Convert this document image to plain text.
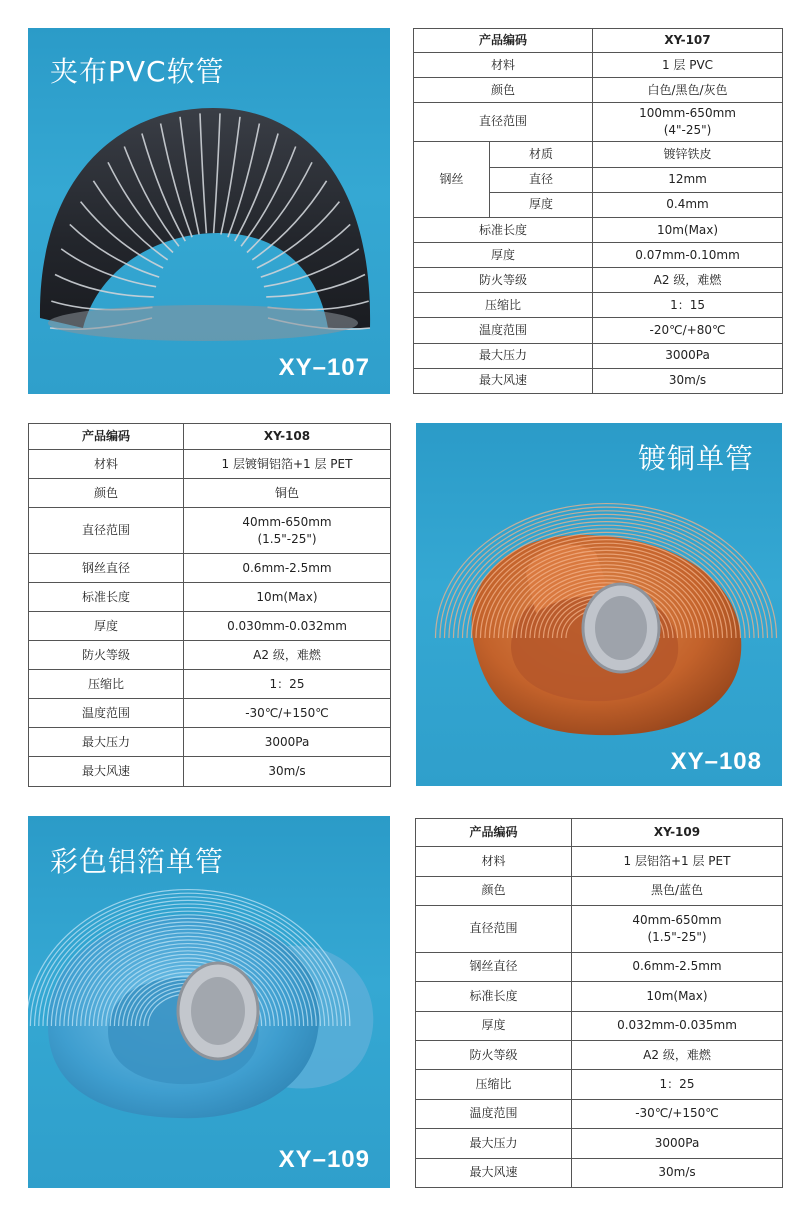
夹布PVC软管
XY–107
产品编码		XY-107
材料		1 层 PVC
颜色		白色/黑色/灰色
直径范围		100mm-650mm
(4"-25")

钢丝	材质	镀锌铁皮
	直径	12mm
	厚度	0.4mm
标准长度		10m(Max)
厚度		0.07mm-0.10mm
防火等级		A2 级，难燃
压缩比		1：15
温度范围		-20℃/+80℃
最大压力		3000Pa
最大风速		30m/s
产品编码	XY-108
材料	1 层镀铜铝箔+1 层 PET
颜色	铜色
直径范围	40mm-650mm
(1.5"-25")

钢丝直径	0.6mm-2.5mm
标准长度	10m(Max)
厚度	0.030mm-0.032mm
防火等级	A2 级，难燃
压缩比	1：25
温度范围	-30℃/+150℃
最大压力	3000Pa
最大风速	30m/s
镀铜单管
XY–108
彩色铝箔单管
XY–109
产品编码	XY-109
材料	1 层铝箔+1 层 PET
颜色	黑色/蓝色
直径范围	40mm-650mm
(1.5"-25")

钢丝直径	0.6mm-2.5mm
标准长度	10m(Max)
厚度	0.032mm-0.035mm
防火等级	A2 级，难燃
压缩比	1：25
温度范围	-30℃/+150℃
最大压力	3000Pa
最大风速	30m/s
